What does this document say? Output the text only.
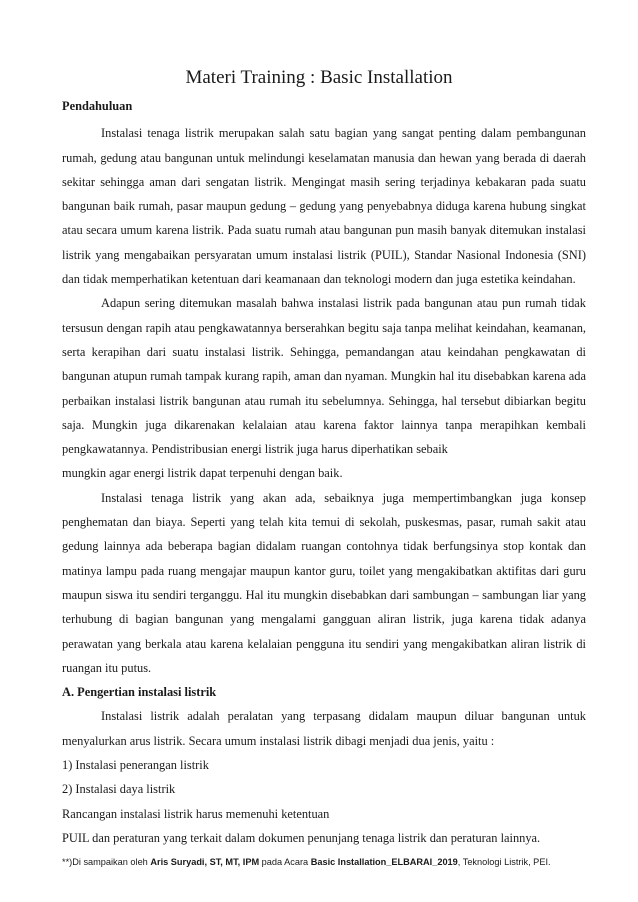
Materi Training : Basic Installation

Pendahuluan

Instalasi tenaga listrik merupakan salah satu bagian yang sangat penting dalam pembangunan rumah, gedung atau bangunan untuk melindungi keselamatan manusia dan hewan yang berada di daerah sekitar sehingga aman dari sengatan listrik. Mengingat masih sering terjadinya kebakaran pada suatu bangunan baik rumah, pasar maupun gedung – gedung yang penyebabnya diduga karena hubung singkat atau secara umum karena listrik. Pada suatu rumah atau bangunan pun masih banyak ditemukan instalasi listrik yang mengabaikan persyaratan umum instalasi listrik (PUIL), Standar Nasional Indonesia (SNI) dan tidak memperhatikan ketentuan dari keamanaan dan teknologi modern dan juga estetika keindahan.

Adapun sering ditemukan masalah bahwa instalasi listrik pada bangunan atau pun rumah tidak tersusun dengan rapih atau pengkawatannya berserahkan begitu saja tanpa melihat keindahan, keamanan, serta kerapihan dari suatu instalasi listrik. Sehingga, pemandangan atau keindahan pengkawatan di bangunan atupun rumah tampak kurang rapih, aman dan nyaman. Mungkin hal itu disebabkan karena ada perbaikan instalasi listrik bangunan atau rumah itu sebelumnya. Sehingga, hal tersebut dibiarkan begitu saja. Mungkin juga dikarenakan kelalaian atau karena faktor lainnya tanpa merapihkan kembali pengkawatannya. Pendistribusian energi listrik juga harus diperhatikan sebaik

mungkin agar energi listrik dapat terpenuhi dengan baik.

Instalasi tenaga listrik yang akan ada, sebaiknya juga mempertimbangkan juga konsep penghematan dan biaya. Seperti yang telah kita temui di sekolah, puskesmas, pasar, rumah sakit atau gedung lainnya ada beberapa bagian didalam ruangan contohnya tidak berfungsinya stop kontak dan matinya lampu pada ruang mengajar maupun kantor guru, toilet yang mengakibatkan aktifitas dari guru maupun siswa itu sendiri terganggu. Hal itu mungkin disebabkan dari sambungan – sambungan liar yang terhubung di bagian bangunan yang mengalami gangguan aliran listrik, juga karena tidak adanya perawatan yang berkala atau karena kelalaian pengguna itu sendiri yang mengakibatkan aliran listrik di ruangan itu putus.

A. Pengertian instalasi listrik

Instalasi listrik adalah peralatan yang terpasang didalam maupun diluar bangunan untuk menyalurkan arus listrik. Secara umum instalasi listrik dibagi menjadi dua jenis, yaitu :

1) Instalasi penerangan listrik

2) Instalasi daya listrik

Rancangan instalasi listrik harus memenuhi ketentuan

PUIL dan peraturan yang terkait dalam dokumen penunjang tenaga listrik dan peraturan lainnya.

**)Di sampaikan oleh Aris Suryadi, ST, MT, IPM pada Acara Basic Installation_ELBARAI_2019, Teknologi Listrik, PEI.
